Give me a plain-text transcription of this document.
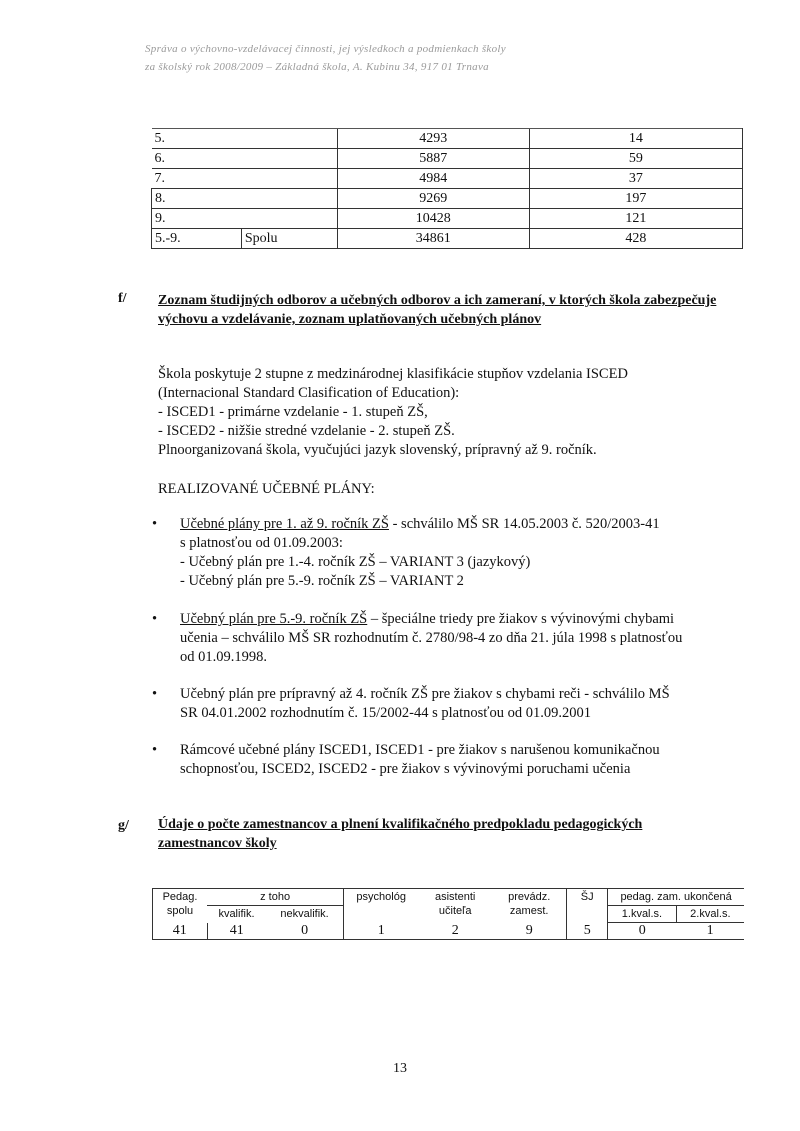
Správa o výchovno-vzdelávacej činnosti, jej výsledkoch a podmienkach školy
za školský rok 2008/2009 – Základná škola, A. Kubinu 34, 917 01 Trnava
5.		4293	14
6.		5887	59
7.		4984	37
8.		9269	197
9.		10428	121
5.-9.	Spolu	34861	428
f/ Zoznam študijných odborov a učebných odborov a ich zameraní, v ktorých škola zabezpečuje výchovu a vzdelávanie, zoznam uplatňovaných učebných plánov
Škola poskytuje 2 stupne z medzinárodnej klasifikácie stupňov vzdelania ISCED
(Internacional Standard Clasification of Education):
- ISCED1 - primárne vzdelanie - 1. stupeň ZŠ,
- ISCED2 - nižšie stredné vzdelanie - 2. stupeň ZŠ.
Plnoorganizovaná škola, vyučujúci jazyk slovenský, prípravný až 9. ročník.
REALIZOVANÉ UČEBNÉ PLÁNY:
• Učebné plány pre 1. až 9. ročník ZŠ - schválilo MŠ SR 14.05.2003 č. 520/2003-41
s platnosťou od 01.09.2003:
- Učebný plán pre 1.-4. ročník ZŠ – VARIANT 3 (jazykový)
- Učebný plán pre 5.-9. ročník ZŠ – VARIANT 2
• Učebný plán pre 5.-9. ročník ZŠ – špeciálne triedy pre žiakov s vývinovými chybami
učenia – schválilo MŠ SR rozhodnutím č. 2780/98-4 zo dňa 21. júla 1998 s platnosťou
od 01.09.1998.
• Učebný plán pre prípravný až 4. ročník ZŠ pre žiakov s chybami reči - schválilo MŠ
SR 04.01.2002 rozhodnutím č. 15/2002-44 s platnosťou od 01.09.2001
• Rámcové učebné plány ISCED1, ISCED1 - pre žiakov s narušenou komunikačnou
schopnosťou, ISCED2, ISCED2 - pre žiakov s vývinovými poruchami učenia
g/ Údaje o počte zamestnancov a plnení kvalifikačného predpokladu pedagogických zamestnancov školy
Pedag. spolu	z toho		psychológ	asistenti učiteľa	prevádz. zamest.	ŠJ	pedag. zam. ukončená	
	kvalifik.	nekvalifik.					1.kval.s.	2.kval.s.
41	41	0	1	2	9	5	0	1
13
